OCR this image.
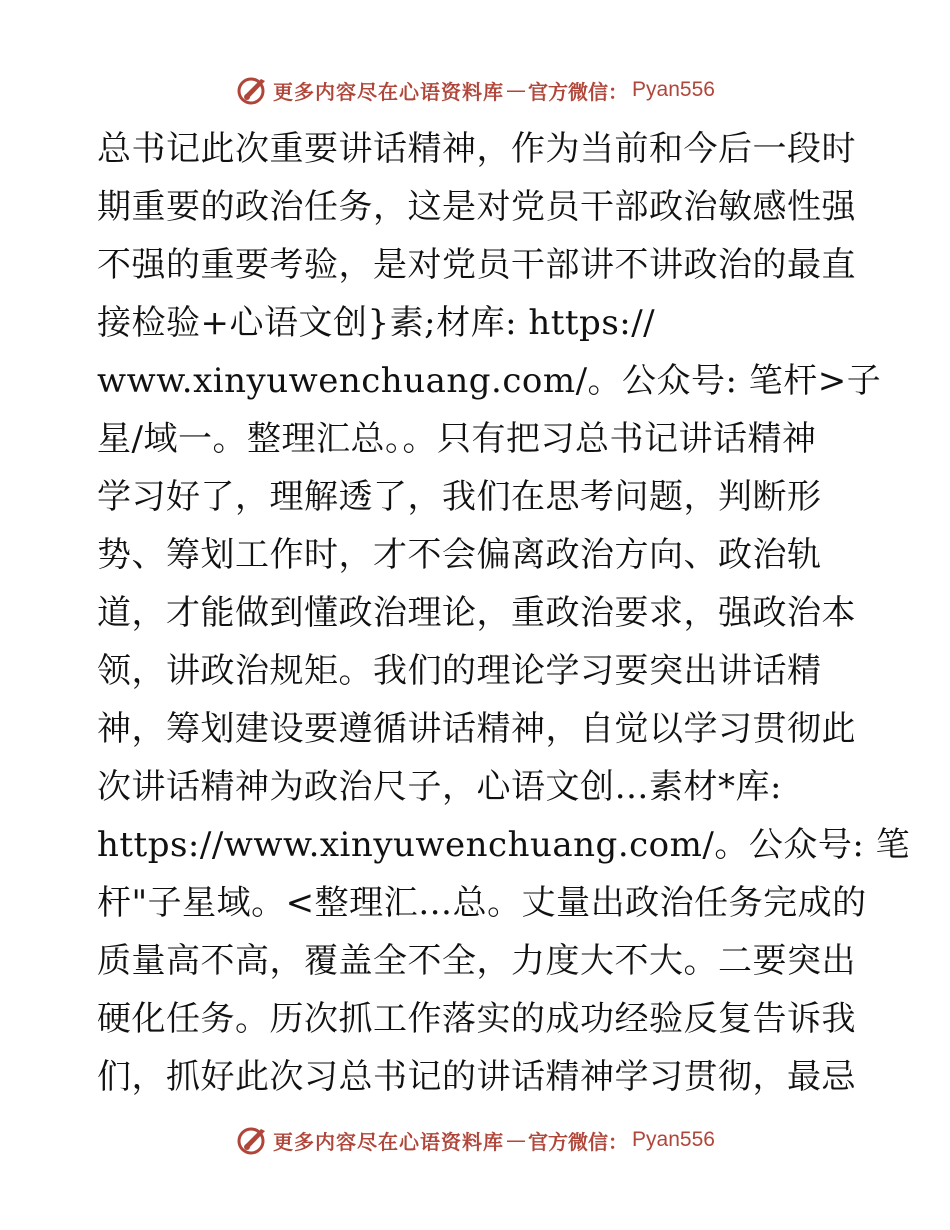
更多内容尽在心语资料库 — 官方微信： Pyan556
总书记此次重要讲话精神，作为当前和今后一段时
期重要的政治任务，这是对党员干部政治敏感性强
不强的重要考验，是对党员干部讲不讲政治的最直
接检验+心语文创}素;材库: https://
www.xinyuwenchuang.com/。公众号: 笔杆>子
星/域一。整理汇总。。只有把习总书记讲话精神
学习好了，理解透了，我们在思考问题，判断形
势、筹划工作时，才不会偏离政治方向、政治轨
道，才能做到懂政治理论，重政治要求，强政治本
领，讲政治规矩。我们的理论学习要突出讲话精
神，筹划建设要遵循讲话精神，自觉以学习贯彻此
次讲话精神为政治尺子，心语文创…素材*库:
https://www.xinyuwenchuang.com/。公众号: 笔
杆"子星域。<整理汇…总。丈量出政治任务完成的
质量高不高，覆盖全不全，力度大不大。二要突出
硬化任务。历次抓工作落实的成功经验反复告诉我
们，抓好此次习总书记的讲话精神学习贯彻，最忌
更多内容尽在心语资料库 — 官方微信： Pyan556
